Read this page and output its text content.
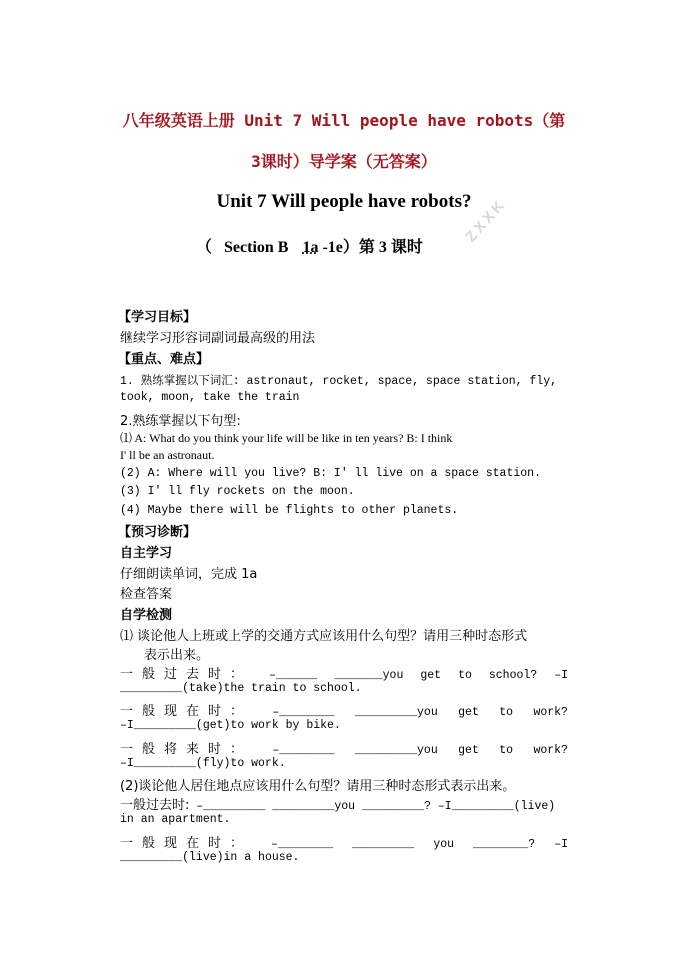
八年级英语上册 Unit 7 Will people have robots（第
3课时）导学案（无答案）
Unit 7 Will people have robots?
（ Section B 1a -1e）第 3 课时
ZXXK
【学习目标】
继续学习形容词副词最高级的用法
【重点、难点】
1. 熟练掌握以下词汇: astronaut, rocket, space, space station, fly,
took, moon, take the train
2.熟练掌握以下句型:
⑴ A: What do you think your life will be like in ten years? B: I think
I' ll be an astronaut.
(2) A: Where will you live? B: I' ll live on a space station.
(3) I' ll fly rockets on the moon.
(4) Maybe there will be flights to other planets.
【预习诊断】
自主学习
仔细朗读单词，完成 1a
检查答案
自学检测
⑴ 谈论他人上班或上学的交通方式应该用什么句型？请用三种时态形式
表示出来。
一般过去时： –______ _______you get to school? –I
_________(take)the train to school.
一般现在时： –________ _________you get to work?
–I_________(get)to work by bike.
一般将来时： –________ _________you get to work?
–I_________(fly)to work.
(2)谈论他人居住地点应该用什么句型？请用三种时态形式表示出来。
一般过去时: –_________ _________you _________? –I_________(live)
in an apartment.
一般现在时： –________ _________ you ________? –I
_________(live)in a house.
